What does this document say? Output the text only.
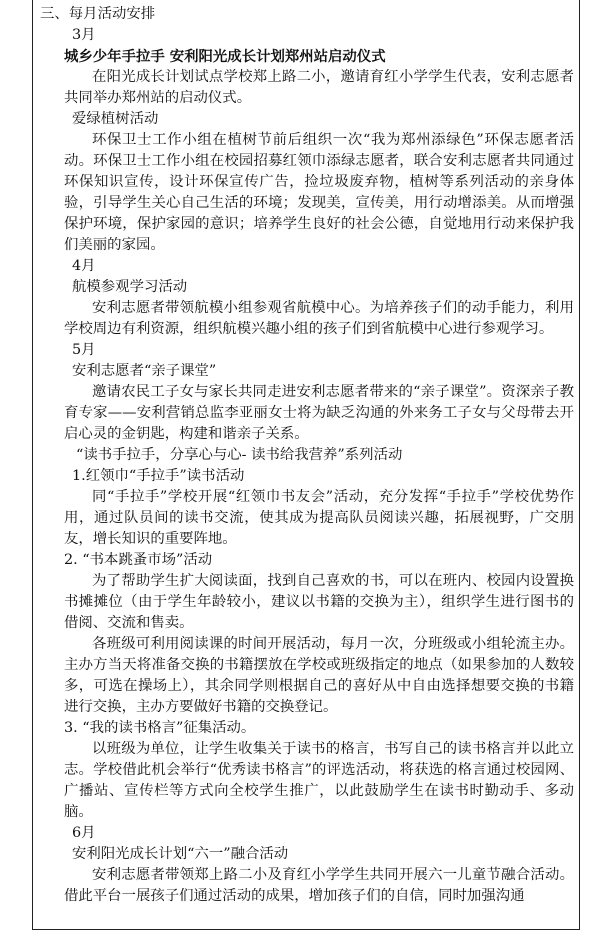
三、每月活动安排

3月

城乡少年手拉手 安利阳光成长计划郑州站启动仪式

在阳光成长计划试点学校郑上路二小，邀请育红小学学生代表，安利志愿者共同举办郑州站的启动仪式。

爱绿植树活动

环保卫士工作小组在植树节前后组织一次“我为郑州添绿色”环保志愿者活动。环保卫士工作小组在校园招募红领巾添绿志愿者，联合安利志愿者共同通过环保知识宣传，设计环保宣传广告，捡垃圾废弃物，植树等系列活动的亲身体验，引导学生关心自己生活的环境；发现美，宣传美，用行动增添美。从而增强保护环境，保护家园的意识；培养学生良好的社会公德，自觉地用行动来保护我们美丽的家园。

4月

航模参观学习活动

安利志愿者带领航模小组参观省航模中心。为培养孩子们的动手能力，利用学校周边有利资源，组织航模兴趣小组的孩子们到省航模中心进行参观学习。

5月

安利志愿者“亲子课堂”

邀请农民工子女与家长共同走进安利志愿者带来的“亲子课堂”。资深亲子教育专家——安利营销总监李亚丽女士将为缺乏沟通的外来务工子女与父母带去开启心灵的金钥匙，构建和谐亲子关系。

“读书手拉手，分享心与心- 读书给我营养”系列活动

1.红领巾“手拉手”读书活动

同“手拉手”学校开展“红领巾书友会”活动，充分发挥“手拉手”学校优势作用，通过队员间的读书交流，使其成为提高队员阅读兴趣，拓展视野，广交朋友，增长知识的重要阵地。

2. “书本跳蚤市场”活动

为了帮助学生扩大阅读面，找到自己喜欢的书，可以在班内、校园内设置换书摊摊位（由于学生年龄较小，建议以书籍的交换为主），组织学生进行图书的借阅、交流和售卖。

各班级可利用阅读课的时间开展活动，每月一次，分班级或小组轮流主办。主办方当天将准备交换的书籍摆放在学校或班级指定的地点（如果参加的人数较多，可选在操场上），其余同学则根据自己的喜好从中自由选择想要交换的书籍进行交换，主办方要做好书籍的交换登记。

3. “我的读书格言”征集活动。

以班级为单位，让学生收集关于读书的格言，书写自己的读书格言并以此立志。学校借此机会举行“优秀读书格言”的评选活动，将获选的格言通过校园网、广播站、宣传栏等方式向全校学生推广，以此鼓励学生在读书时勤动手、多动脑。

6月

安利阳光成长计划“六一”融合活动

安利志愿者带领郑上路二小及育红小学学生共同开展六一儿童节融合活动。借此平台一展孩子们通过活动的成果，增加孩子们的自信，同时加强沟通
